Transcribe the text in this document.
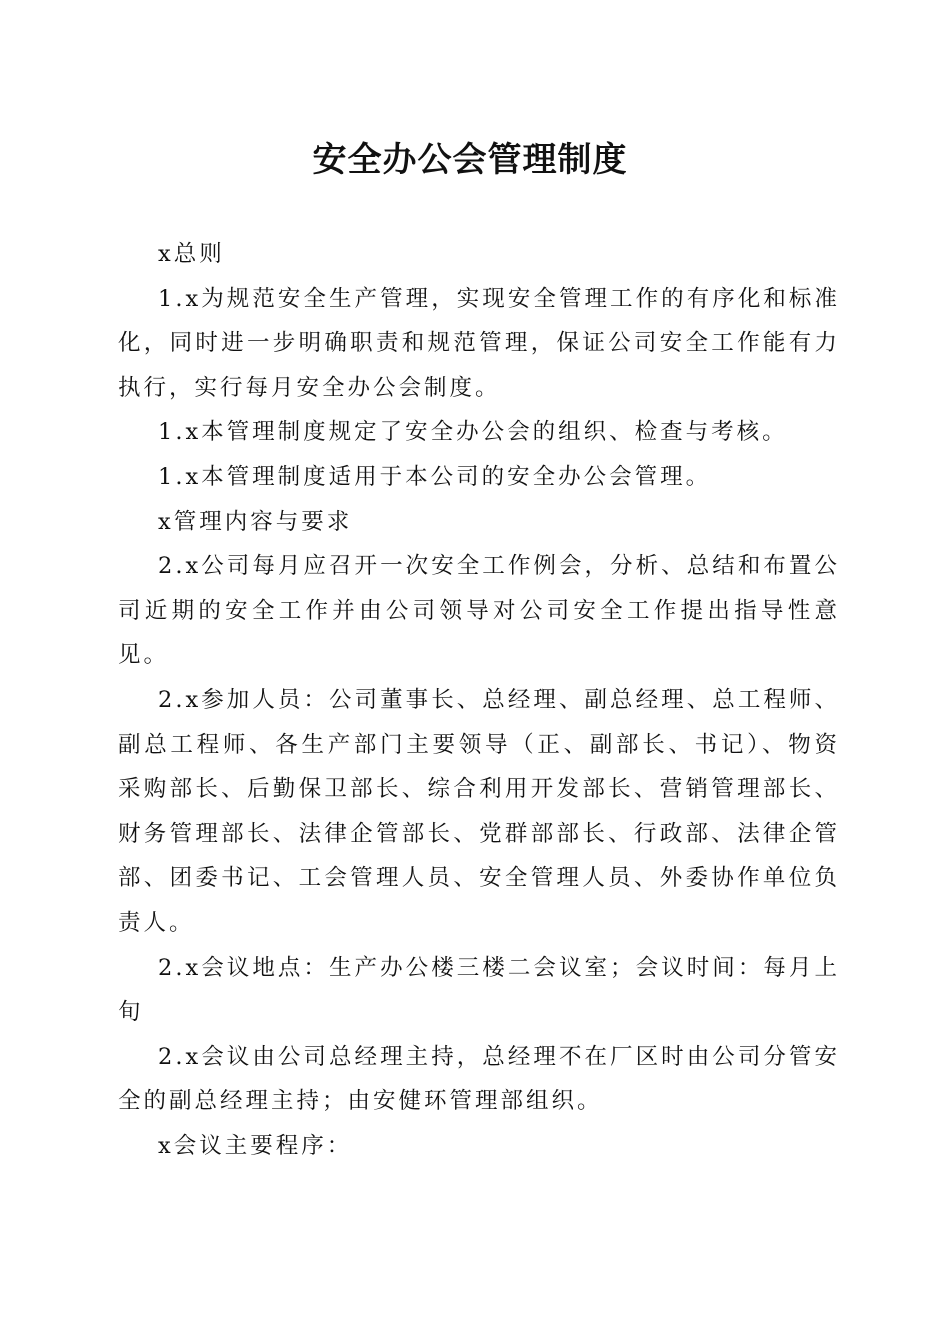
安全办公会管理制度

x总则

1.x为规范安全生产管理，实现安全管理工作的有序化和标准化，同时进一步明确职责和规范管理，保证公司安全工作能有力执行，实行每月安全办公会制度。

1.x本管理制度规定了安全办公会的组织、检查与考核。

1.x本管理制度适用于本公司的安全办公会管理。

x管理内容与要求

2.x公司每月应召开一次安全工作例会，分析、总结和布置公司近期的安全工作并由公司领导对公司安全工作提出指导性意见。

2.x参加人员：公司董事长、总经理、副总经理、总工程师、副总工程师、各生产部门主要领导（正、副部长、书记）、物资采购部长、后勤保卫部长、综合利用开发部长、营销管理部长、财务管理部长、法律企管部长、党群部部长、行政部、法律企管部、团委书记、工会管理人员、安全管理人员、外委协作单位负责人。

2.x会议地点：生产办公楼三楼二会议室；会议时间：每月上旬

2.x会议由公司总经理主持，总经理不在厂区时由公司分管安全的副总经理主持；由安健环管理部组织。

x会议主要程序：
